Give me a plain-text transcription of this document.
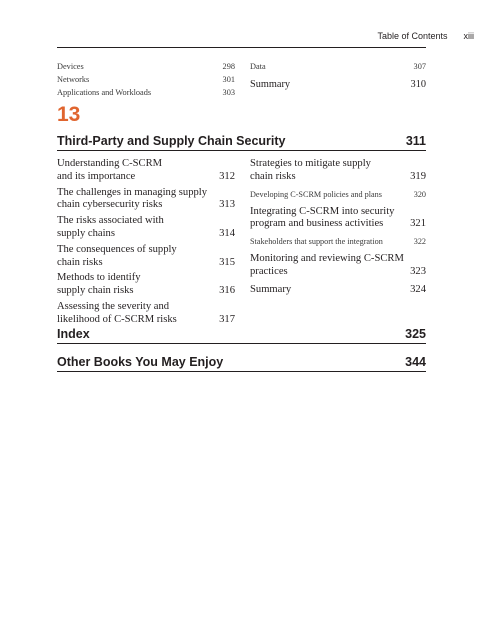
Table of Contents xiii
Devices	298
Networks	301
Applications and Workloads	303
Data	307
Summary	310
13
Third-Party and Supply Chain Security	311
Understanding C-SCRM
and its importance	312
The challenges in managing supply
chain cybersecurity risks	313
The risks associated with
supply chains	314
The consequences of supply
chain risks	315
Methods to identify
supply chain risks	316
Assessing the severity and
likelihood of C-SCRM risks	317
Strategies to mitigate supply
chain risks	319
Developing C-SCRM policies and plans	320
Integrating C-SCRM into security
program and business activities	321
Stakeholders that support the integration	322
Monitoring and reviewing C-SCRM
practices	323
Summary	324
Index	325
Other Books You May Enjoy	344
